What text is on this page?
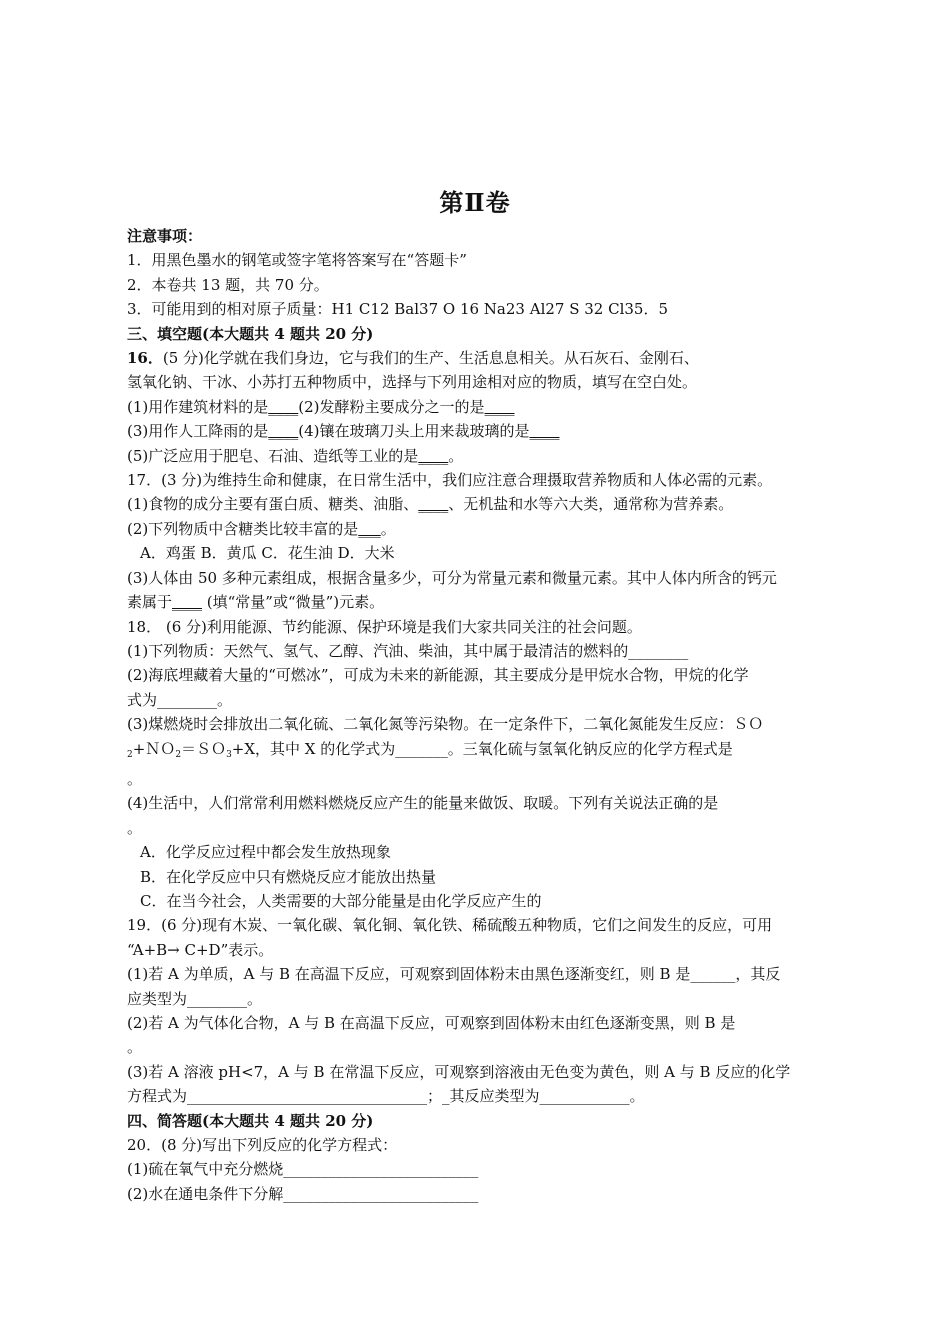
第Ⅱ卷
注意事项：
1．用黑色墨水的钢笔或签字笔将答案写在“答题卡”
2．本卷共 13 题，共 70 分。
3．可能用到的相对原子质量：H1 C12 Bal37 O 16 Na23 Al27 S 32 Cl35．5
三、填空题(本大题共 4 题共 20 分)
16．(5 分)化学就在我们身边，它与我们的生产、生活息息相关。从石灰石、金刚石、
氢氧化钠、干冰、小苏打五种物质中，选择与下列用途相对应的物质，填写在空白处。
(1)用作建筑材料的是____(2)发酵粉主要成分之一的是____
(3)用作人工降雨的是____(4)镶在玻璃刀头上用来裁玻璃的是____
(5)广泛应用于肥皂、石油、造纸等工业的是____。
17．(3 分)为维持生命和健康，在日常生活中，我们应注意合理摄取营养物质和人体必需的元素。
(1)食物的成分主要有蛋白质、糖类、油脂、____、无机盐和水等六大类，通常称为营养素。
(2)下列物质中含糖类比较丰富的是___。
A．鸡蛋 B．黄瓜 C．花生油 D．大米
(3)人体由 50 多种元素组成，根据含量多少，可分为常量元素和微量元素。其中人体内所含的钙元
素属于____ (填“常量”或“微量”)元素。
18． (6 分)利用能源、节约能源、保护环境是我们大家共同关注的社会问题。
(1)下列物质：天然气、氢气、乙醇、汽油、柴油，其中属于最清洁的燃料的________
(2)海底埋藏着大量的“可燃冰”，可成为未来的新能源，其主要成分是甲烷水合物，甲烷的化学
式为________。
(3)煤燃烧时会排放出二氧化硫、二氧化氮等污染物。在一定条件下，二氧化氮能发生反应：ＳＯ
$_2$+ＮＯ$_2$＝ＳＯ$_3$+X，其中 X 的化学式为_______。三氧化硫与氢氧化钠反应的化学方程式是
。
(4)生活中，人们常常利用燃料燃烧反应产生的能量来做饭、取暖。下列有关说法正确的是
。
A．化学反应过程中都会发生放热现象
B．在化学反应中只有燃烧反应才能放出热量
C．在当今社会，人类需要的大部分能量是由化学反应产生的
19．(6 分)现有木炭、一氧化碳、氧化铜、氧化铁、稀硫酸五种物质，它们之间发生的反应，可用
“A+B→ C+D”表示。
(1)若 A 为单质，A 与 B 在高温下反应，可观察到固体粉末由黑色逐渐变红，则 B 是______，其反
应类型为________。
(2)若 A 为气体化合物，A 与 B 在高温下反应，可观察到固体粉末由红色逐渐变黑，则 B 是
。
(3)若 A 溶液 pH<7，A 与 B 在常温下反应，可观察到溶液由无色变为黄色，则 A 与 B 反应的化学
方程式为________________________________；_其反应类型为____________。
四、简答题(本大题共 4 题共 20 分)
20．(8 分)写出下列反应的化学方程式：
(1)硫在氧气中充分燃烧__________________________
(2)水在通电条件下分解__________________________
